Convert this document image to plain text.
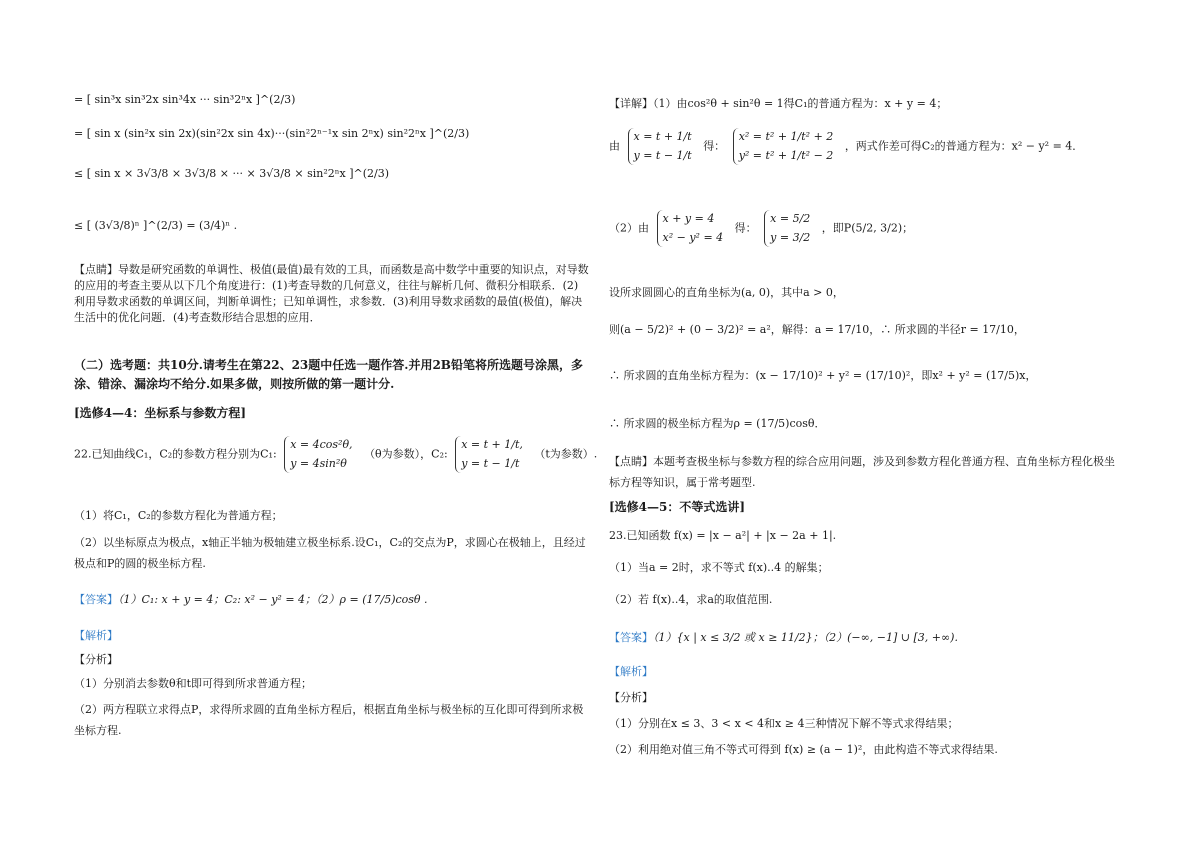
= [ sin³x sin³2x sin³4x ··· sin³2ⁿx ]^(2/3)
= [ sin x (sin²x sin 2x)(sin²2x sin 4x)···(sin²2ⁿ⁻¹x sin 2ⁿx) sin²2ⁿx ]^(2/3)
≤ [ sin x × 3√3/8 × 3√3/8 × ··· × 3√3/8 × sin²2ⁿx ]^(2/3)
≤ [ (3√3/8)ⁿ ]^(2/3) = (3/4)ⁿ .
【点睛】导数是研究函数的单调性、极值(最值)最有效的工具，而函数是高中数学中重要的知识点，对导数的应用的考查主要从以下几个角度进行：(1)考查导数的几何意义，往往与解析几何、微积分相联系．(2)利用导数求函数的单调区间，判断单调性；已知单调性，求参数．(3)利用导数求函数的最值(极值)，解决生活中的优化问题．(4)考查数形结合思想的应用．
（二）选考题：共10分.请考生在第22、23题中任选一题作答.并用2B铅笔将所选题号涂黑，多涂、错涂、漏涂均不给分.如果多做，则按所做的第一题计分.
[选修4—4：坐标系与参数方程]
22.已知曲线C₁，C₂的参数方程分别为C₁:
x = 4cos²θ,
y = 4sin²θ
（θ为参数），C₂:
x = t + 1/t,
y = t − 1/t
（t为参数）.
（1）将C₁，C₂的参数方程化为普通方程；
（2）以坐标原点为极点，x轴正半轴为极轴建立极坐标系.设C₁，C₂的交点为P，求圆心在极轴上，且经过极点和P的圆的极坐标方程.
【答案】（1）C₁: x + y = 4；C₂: x² − y² = 4；（2）ρ = (17/5)cosθ .
【解析】
【分析】
（1）分别消去参数θ和t即可得到所求普通方程；
（2）两方程联立求得点P，求得所求圆的直角坐标方程后，根据直角坐标与极坐标的互化即可得到所求极坐标方程.
【详解】（1）由cos²θ + sin²θ = 1得C₁的普通方程为：x + y = 4；
由
x = t + 1/t
y = t − 1/t
得：
x² = t² + 1/t² + 2
y² = t² + 1/t² − 2
，两式作差可得C₂的普通方程为：x² − y² = 4．
（2）由
x + y = 4
x² − y² = 4
得：
x = 5/2
y = 3/2
，即P(5/2, 3/2)；
设所求圆圆心的直角坐标为(a, 0)，其中a > 0，
则(a − 5/2)² + (0 − 3/2)² = a²，解得：a = 17/10，∴ 所求圆的半径r = 17/10，
∴ 所求圆的直角坐标方程为：(x − 17/10)² + y² = (17/10)²，即x² + y² = (17/5)x，
∴ 所求圆的极坐标方程为ρ = (17/5)cosθ．
【点睛】本题考查极坐标与参数方程的综合应用问题，涉及到参数方程化普通方程、直角坐标方程化极坐标方程等知识，属于常考题型.
[选修4—5：不等式选讲]
23.已知函数 f(x) = |x − a²| + |x − 2a + 1|.
（1）当a = 2时，求不等式 f(x)..4 的解集；
（2）若 f(x)..4，求a的取值范围.
【答案】（1）{x | x ≤ 3/2 或 x ≥ 11/2}；（2）(−∞, −1] ∪ [3, +∞).
【解析】
【分析】
（1）分别在x ≤ 3、3 < x < 4和x ≥ 4三种情况下解不等式求得结果；
（2）利用绝对值三角不等式可得到 f(x) ≥ (a − 1)²，由此构造不等式求得结果.
